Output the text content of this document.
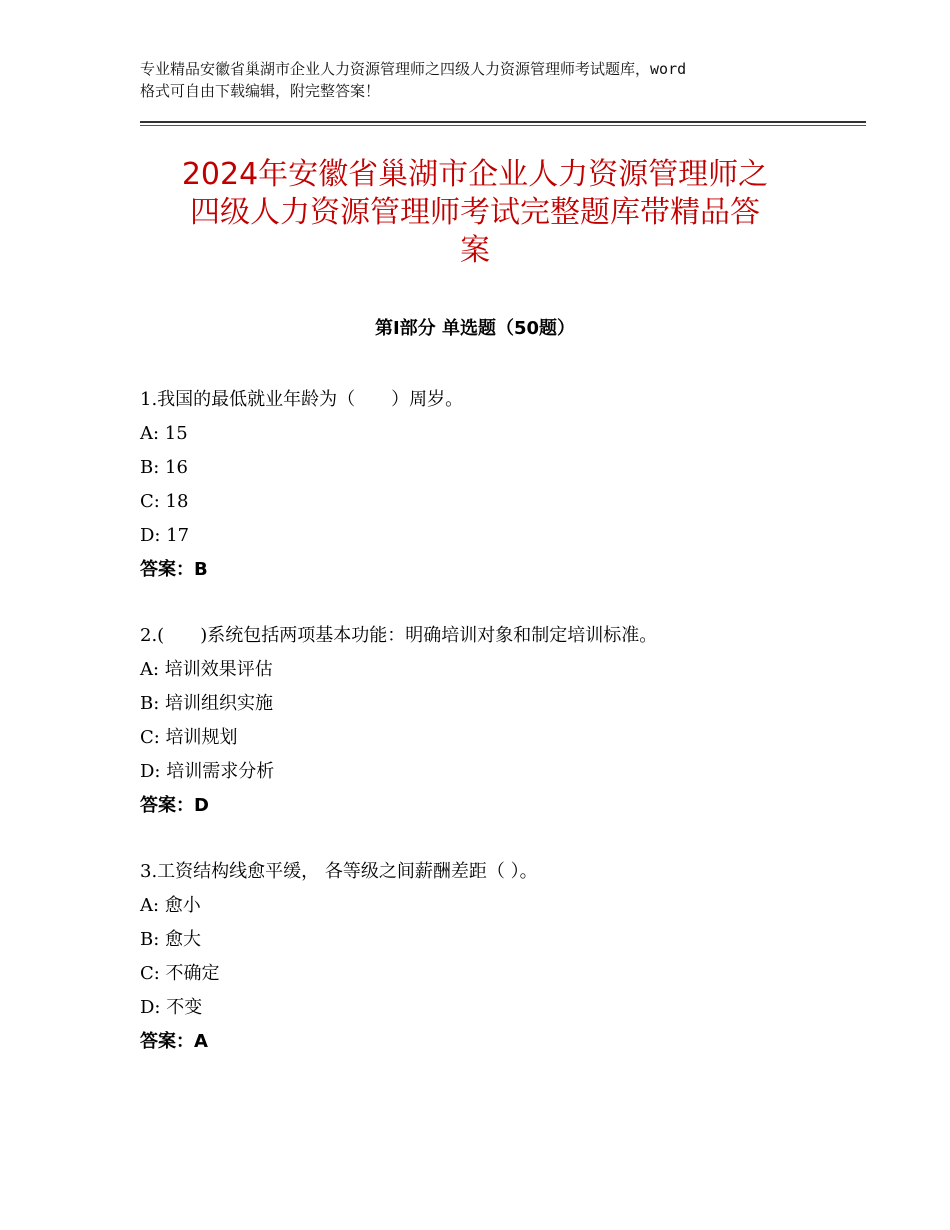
专业精品安徽省巢湖市企业人力资源管理师之四级人力资源管理师考试题库，word
格式可自由下载编辑，附完整答案！
2024年安徽省巢湖市企业人力资源管理师之
四级人力资源管理师考试完整题库带精品答
案
第Ⅰ部分 单选题（50题）
1.我国的最低就业年龄为（　　）周岁。
A: 15
B: 16
C: 18
D: 17
答案：B
2.(　　)系统包括两项基本功能：明确培训对象和制定培训标准。
A: 培训效果评估
B: 培训组织实施
C: 培训规划
D: 培训需求分析
答案：D
3.工资结构线愈平缓， 各等级之间薪酬差距（ ）。
A: 愈小
B: 愈大
C: 不确定
D: 不变
答案：A
